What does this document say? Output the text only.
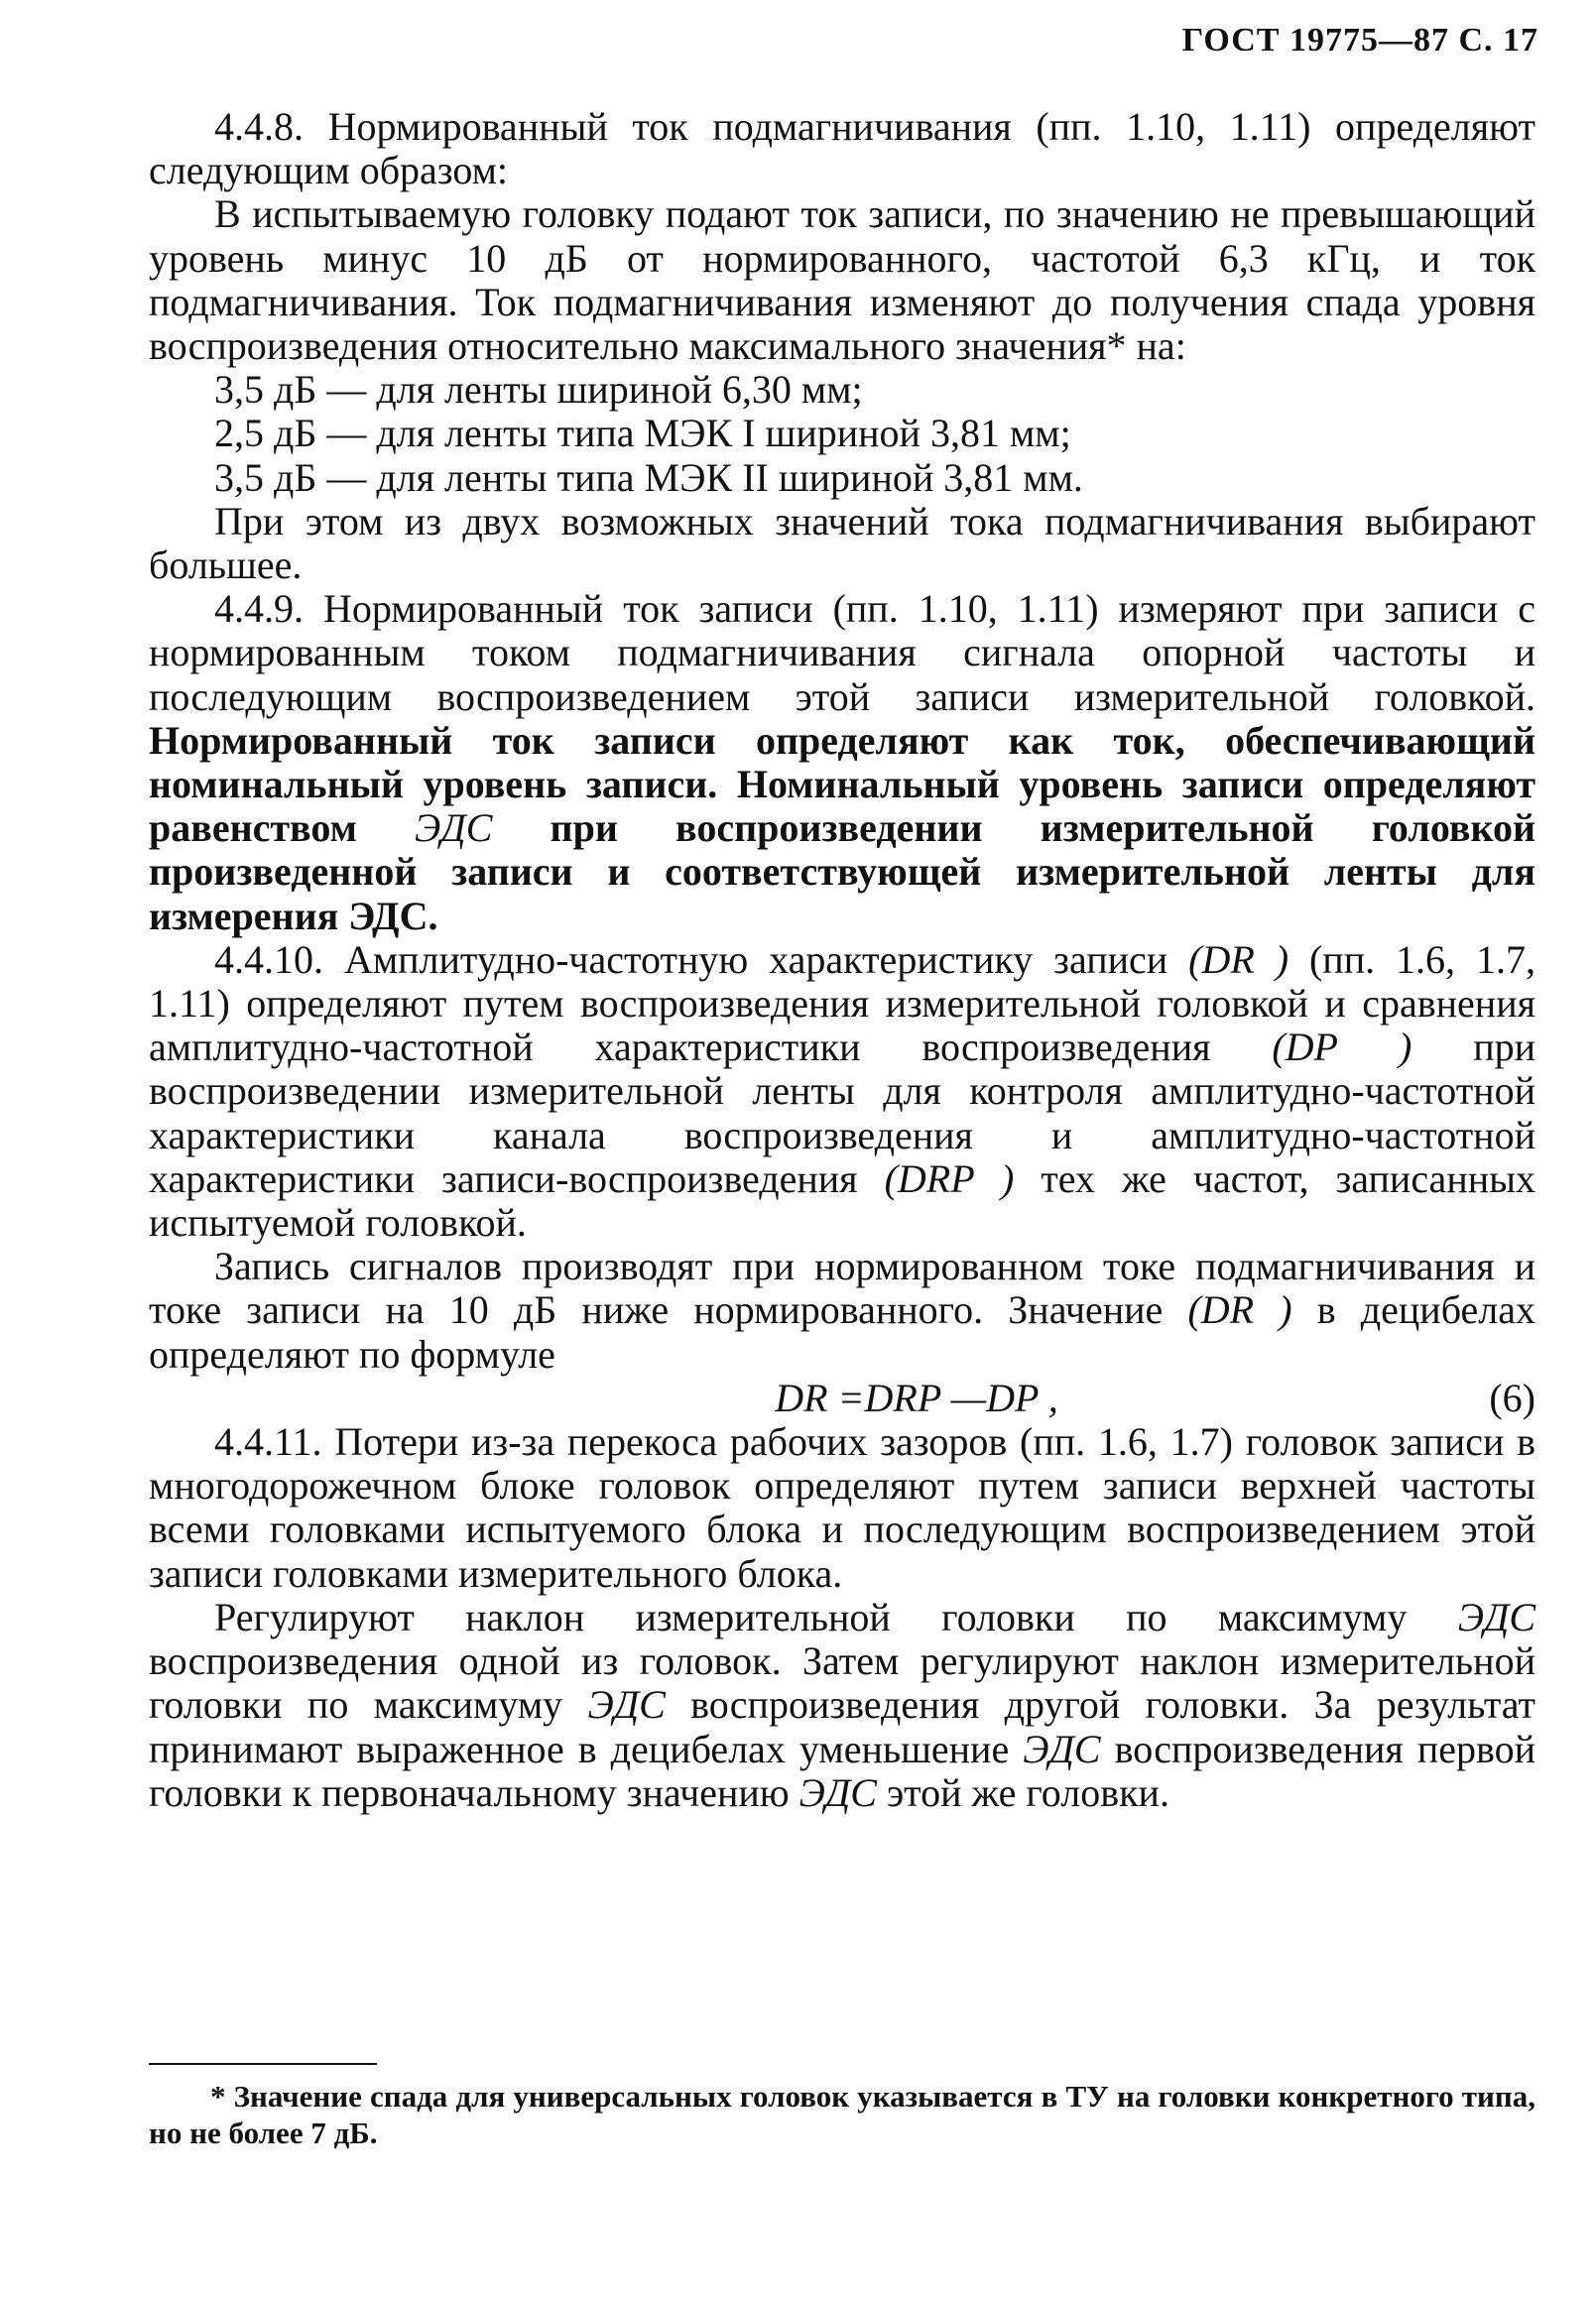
ГОСТ 19775—87 С. 17

4.4.8. Нормированный ток подмагничивания (пп. 1.10, 1.11) определяют следующим образом:

В испытываемую головку подают ток записи, по значению не превышающий уровень минус 10 дБ от нормированного, частотой 6,3 кГц, и ток подмагничивания. Ток подмагничивания изменяют до получения спада уровня воспроизведения относительно максимального значения* на:

3,5 дБ — для ленты шириной 6,30 мм;

2,5 дБ — для ленты типа МЭК I шириной 3,81 мм;

3,5 дБ — для ленты типа МЭК II шириной 3,81 мм.

При этом из двух возможных значений тока подмагничивания выбирают большее.

4.4.9. Нормированный ток записи (пп. 1.10, 1.11) измеряют при записи с нормированным током подмагничивания сигнала опорной частоты и последующим воспроизведением этой записи измерительной головкой. Нормированный ток записи определяют как ток, обеспечивающий номинальный уровень записи. Номинальный уровень записи определяют равенством ЭДС при воспроизведении измерительной головкой произведенной записи и соответствующей измерительной ленты для измерения ЭДС.

4.4.10. Амплитудно-частотную характеристику записи (DR ) (пп. 1.6, 1.7, 1.11) определяют путем воспроизведения измерительной головкой и сравнения амплитудно-частотной характеристики воспроизведения (DP ) при воспроизведении измерительной ленты для контроля амплитудно-частотной характеристики канала воспроизведения и амплитудно-частотной характеристики записи-воспроизведения (DRP ) тех же частот, записанных испытуемой головкой.

Запись сигналов производят при нормированном токе подмагничивания и токе записи на 10 дБ ниже нормированного. Значение (DR ) в децибелах определяют по формуле

DR =DRP —DP ,	(6)

4.4.11. Потери из-за перекоса рабочих зазоров (пп. 1.6, 1.7) головок записи в многодорожечном блоке головок определяют путем записи верхней частоты всеми головками испытуемого блока и последующим воспроизведением этой записи головками измерительного блока.

Регулируют наклон измерительной головки по максимуму ЭДС воспроизведения одной из головок. Затем регулируют наклон измерительной головки по максимуму ЭДС воспроизведения другой головки. За результат принимают выраженное в децибелах уменьшение ЭДС воспроизведения первой головки к первоначальному значению ЭДС этой же головки.

* Значение спада для универсальных головок указывается в ТУ на головки конкретного типа, но не более 7 дБ.
